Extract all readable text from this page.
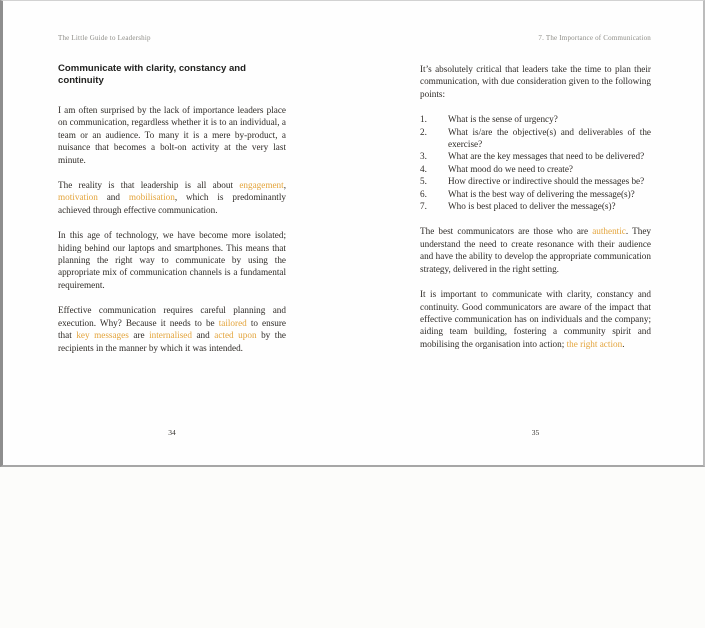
The Little Guide to Leadership
Communicate with clarity, constancy and continuity

I am often surprised by the lack of importance leaders place on communication, regardless whether it is to an individual, a team or an audience. To many it is a mere by-product, a nuisance that becomes a bolt-on activity at the very last minute.

The reality is that leadership is all about engagement, motivation and mobilisation, which is predominantly achieved through effective communication.

In this age of technology, we have become more isolated; hiding behind our laptops and smartphones. This means that planning the right way to communicate by using the appropriate mix of communication channels is a fundamental requirement.

Effective communication requires careful planning and execution. Why? Because it needs to be tailored to ensure that key messages are internalised and acted upon by the recipients in the manner by which it was intended.

34
7. The Importance of Communication

It’s absolutely critical that leaders take the time to plan their communication, with due consideration given to the following points:

1.	What is the sense of urgency?
2.	What is/are the objective(s) and deliverables of the exercise?
3.	What are the key messages that need to be delivered?
4.	What mood do we need to create?
5.	How directive or indirective should the messages be?
6.	What is the best way of delivering the message(s)?
7.	Who is best placed to deliver the message(s)?

The best communicators are those who are authentic. They understand the need to create resonance with their audience and have the ability to develop the appropriate communication strategy, delivered in the right setting.

It is important to communicate with clarity, constancy and continuity. Good communicators are aware of the impact that effective communication has on individuals and the company; aiding team building, fostering a community spirit and mobilising the organisation into action; the right action.

35
